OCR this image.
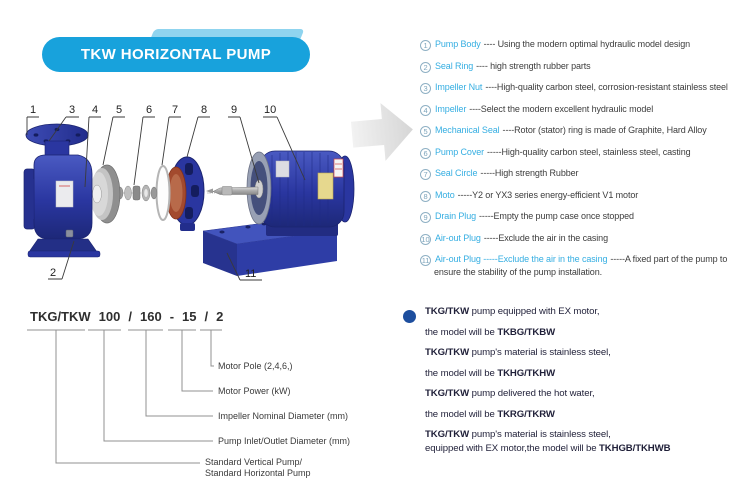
TKW HORIZONTAL PUMP
1
2
3 4 5 6 7 8 9 10
11
1 Pump Body ---- Using the modern optimal hydraulic model design
2 Seal Ring ---- high strength rubber parts
3 Impeller Nut ----High-quality carbon steel, corrosion-resistant stainless steel
4 Impeller ----Select the modern excellent hydraulic model
5 Mechanical Seal ----Rotor (stator) ring is made of Graphite, Hard Alloy
6 Pump Cover -----High-quality carbon steel, stainless steel, casting
7 Seal Circle -----High strength Rubber
8 Moto -----Y2 or YX3 series energy-efficient V1 motor
9 Drain Plug -----Empty the pump case once stopped
10 Air-out Plug -----Exclude the air in the casing
11 Air-out Plug -----Exclude the air in the casing -----A fixed part of the pump to ensure the stability of the pump installation.
TKG/TKW 100 / 160 - 15 / 2
Motor Pole (2,4,6,)
Motor Power (kW)
Impeller Nominal Diameter (mm)
Pump Inlet/Outlet Diameter (mm)
Standard Vertical Pump/
Standard Horizontal Pump
TKG/TKW pump equipped with EX motor,
the model will be TKBG/TKBW
TKG/TKW pump's material is stainless steel,
the model will be TKHG/TKHW
TKG/TKW pump delivered the hot water,
the model will be TKRG/TKRW
TKG/TKW pump's material is stainless steel,
equipped with EX motor,the model will be TKHGB/TKHWB
